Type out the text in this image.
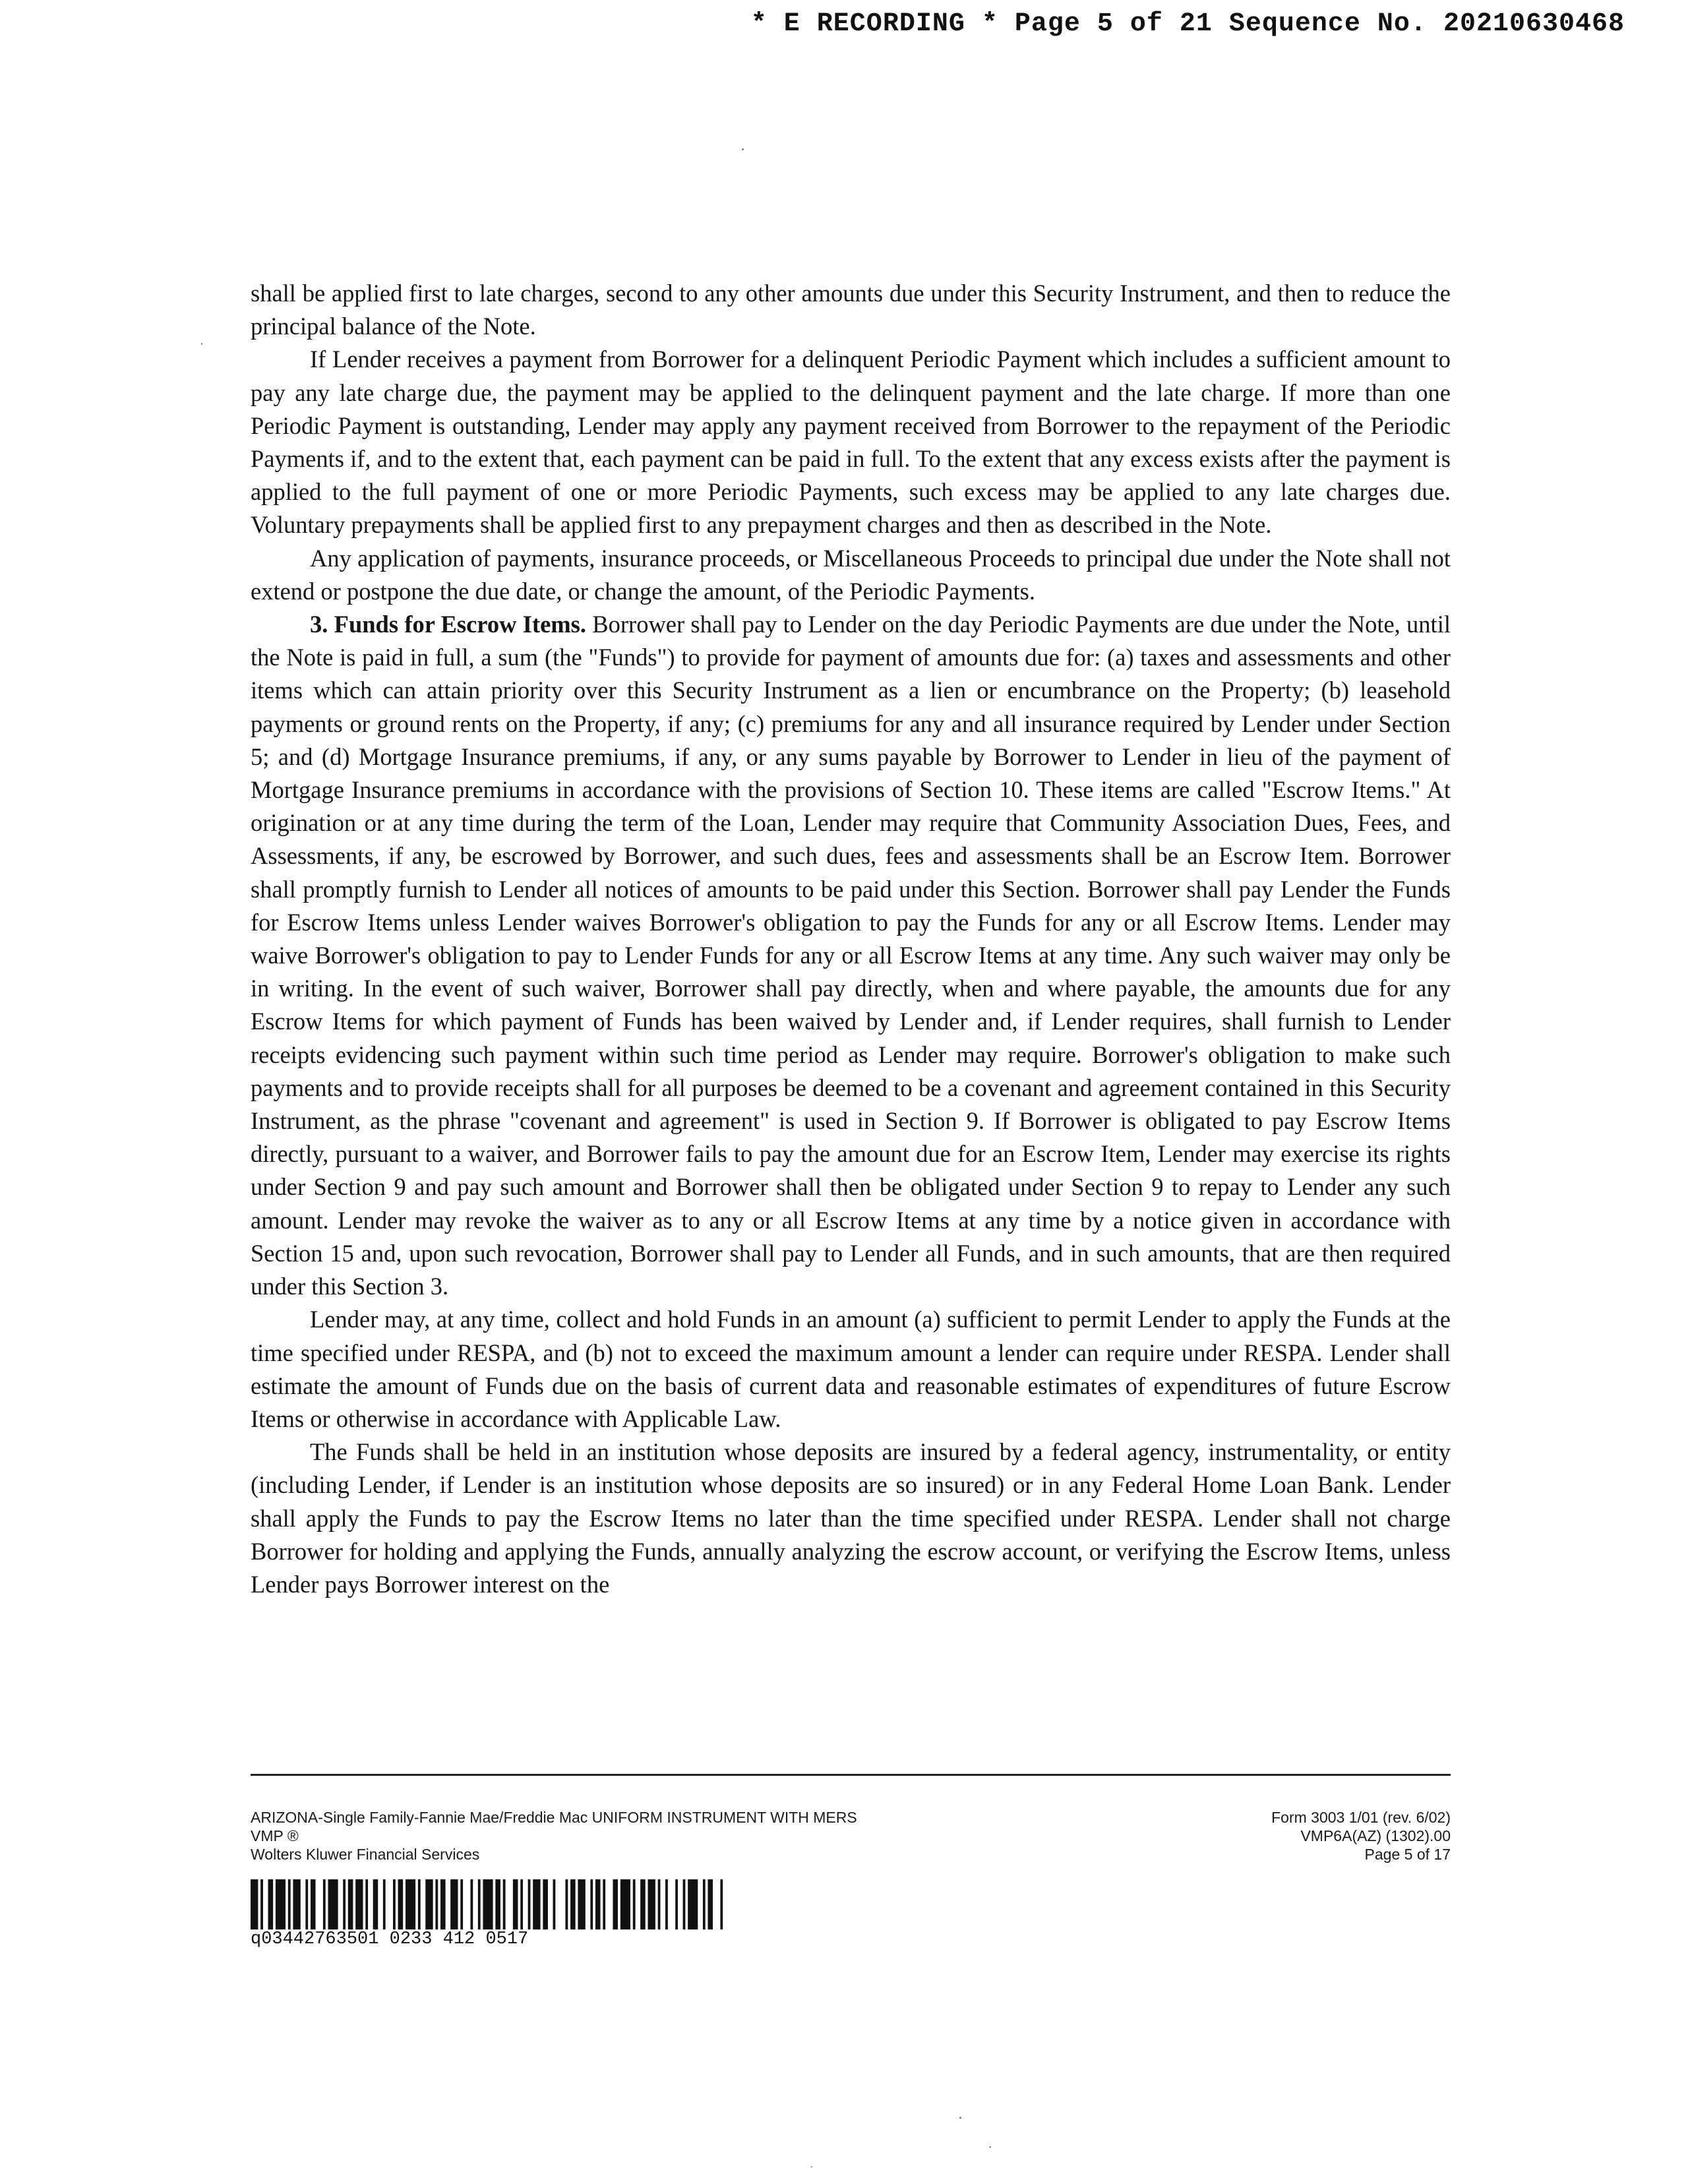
* E RECORDING * Page 5 of 21 Sequence No. 20210630468

shall be applied first to late charges, second to any other amounts due under this Security Instrument, and then to reduce the principal balance of the Note.

If Lender receives a payment from Borrower for a delinquent Periodic Payment which includes a sufficient amount to pay any late charge due, the payment may be applied to the delinquent payment and the late charge. If more than one Periodic Payment is outstanding, Lender may apply any payment received from Borrower to the repayment of the Periodic Payments if, and to the extent that, each payment can be paid in full. To the extent that any excess exists after the payment is applied to the full payment of one or more Periodic Payments, such excess may be applied to any late charges due. Voluntary prepayments shall be applied first to any prepayment charges and then as described in the Note.

Any application of payments, insurance proceeds, or Miscellaneous Proceeds to principal due under the Note shall not extend or postpone the due date, or change the amount, of the Periodic Payments.

3. Funds for Escrow Items. Borrower shall pay to Lender on the day Periodic Payments are due under the Note, until the Note is paid in full, a sum (the "Funds") to provide for payment of amounts due for: (a) taxes and assessments and other items which can attain priority over this Security Instrument as a lien or encumbrance on the Property; (b) leasehold payments or ground rents on the Property, if any; (c) premiums for any and all insurance required by Lender under Section 5; and (d) Mortgage Insurance premiums, if any, or any sums payable by Borrower to Lender in lieu of the payment of Mortgage Insurance premiums in accordance with the provisions of Section 10. These items are called "Escrow Items." At origination or at any time during the term of the Loan, Lender may require that Community Association Dues, Fees, and Assessments, if any, be escrowed by Borrower, and such dues, fees and assessments shall be an Escrow Item. Borrower shall promptly furnish to Lender all notices of amounts to be paid under this Section. Borrower shall pay Lender the Funds for Escrow Items unless Lender waives Borrower's obligation to pay the Funds for any or all Escrow Items. Lender may waive Borrower's obligation to pay to Lender Funds for any or all Escrow Items at any time. Any such waiver may only be in writing. In the event of such waiver, Borrower shall pay directly, when and where payable, the amounts due for any Escrow Items for which payment of Funds has been waived by Lender and, if Lender requires, shall furnish to Lender receipts evidencing such payment within such time period as Lender may require. Borrower's obligation to make such payments and to provide receipts shall for all purposes be deemed to be a covenant and agreement contained in this Security Instrument, as the phrase "covenant and agreement" is used in Section 9. If Borrower is obligated to pay Escrow Items directly, pursuant to a waiver, and Borrower fails to pay the amount due for an Escrow Item, Lender may exercise its rights under Section 9 and pay such amount and Borrower shall then be obligated under Section 9 to repay to Lender any such amount. Lender may revoke the waiver as to any or all Escrow Items at any time by a notice given in accordance with Section 15 and, upon such revocation, Borrower shall pay to Lender all Funds, and in such amounts, that are then required under this Section 3.

Lender may, at any time, collect and hold Funds in an amount (a) sufficient to permit Lender to apply the Funds at the time specified under RESPA, and (b) not to exceed the maximum amount a lender can require under RESPA. Lender shall estimate the amount of Funds due on the basis of current data and reasonable estimates of expenditures of future Escrow Items or otherwise in accordance with Applicable Law.

The Funds shall be held in an institution whose deposits are insured by a federal agency, instrumentality, or entity (including Lender, if Lender is an institution whose deposits are so insured) or in any Federal Home Loan Bank. Lender shall apply the Funds to pay the Escrow Items no later than the time specified under RESPA. Lender shall not charge Borrower for holding and applying the Funds, annually analyzing the escrow account, or verifying the Escrow Items, unless Lender pays Borrower interest on the

ARIZONA-Single Family-Fannie Mae/Freddie Mac UNIFORM INSTRUMENT WITH MERS
VMP ®
Wolters Kluwer Financial Services
Form 3003 1/01 (rev. 6/02)
VMP6A(AZ) (1302).00
Page 5 of 17
q03442763501 0233 412 0517
